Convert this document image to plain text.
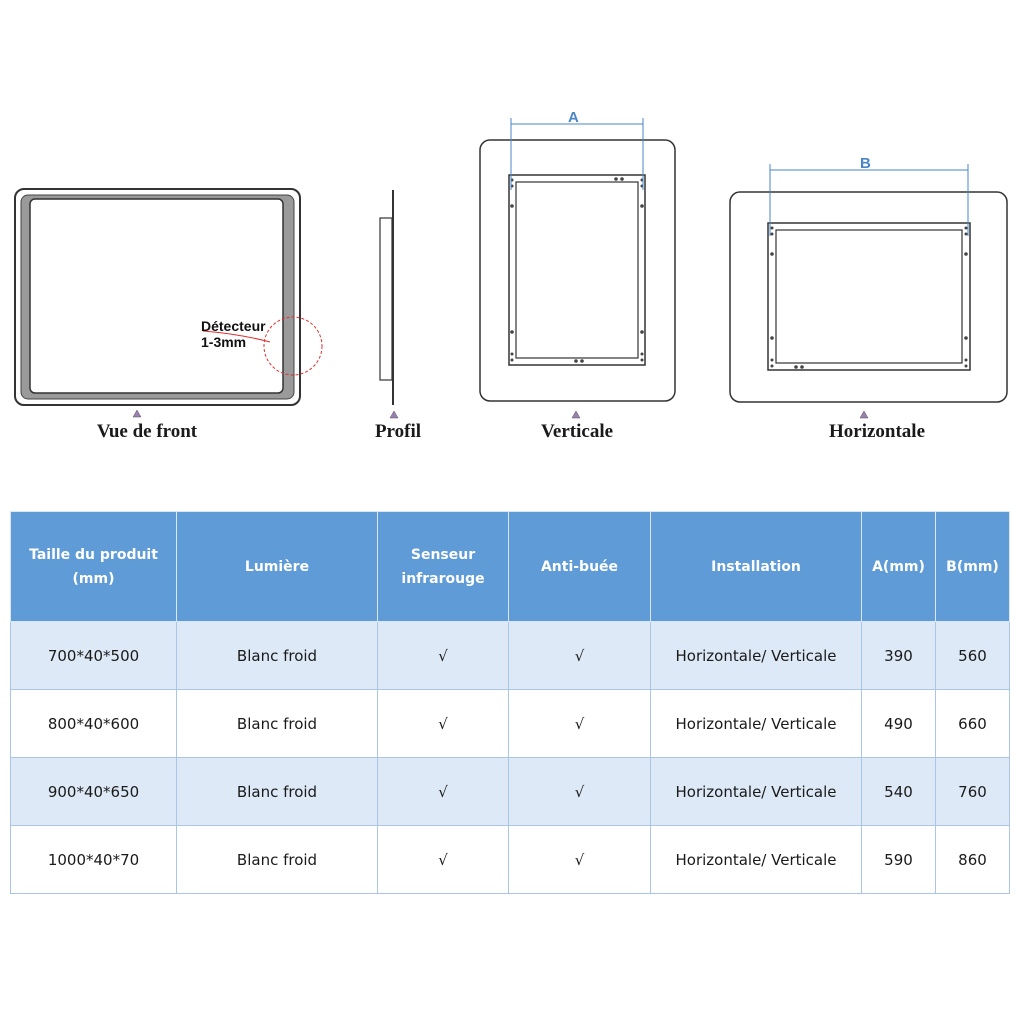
A
B
Détecteur
1-3mm
Vue de front	Profil	Verticale	Horizontale
Taille du produit (mm)	Lumière	Senseur infrarouge	Anti-buée	Installation	A(mm)	B(mm)
700*40*500	Blanc froid	√	√	Horizontale/ Verticale	390	560
800*40*600	Blanc froid	√	√	Horizontale/ Verticale	490	660
900*40*650	Blanc froid	√	√	Horizontale/ Verticale	540	760
1000*40*70	Blanc froid	√	√	Horizontale/ Verticale	590	860
